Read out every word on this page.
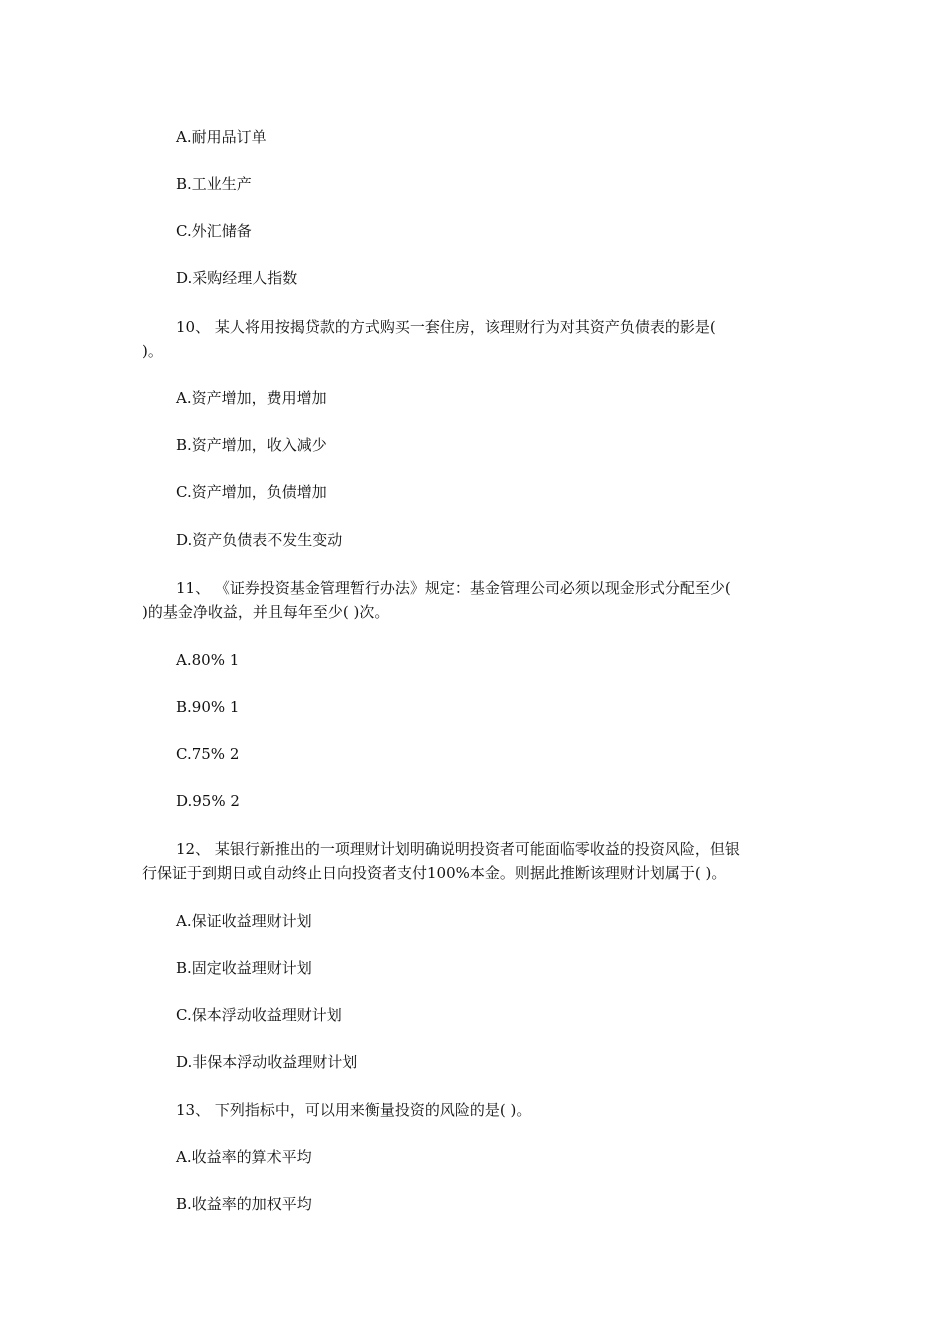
A.耐用品订单
B.工业生产
C.外汇储备
D.采购经理人指数
10、 某人将用按揭贷款的方式购买一套住房，该理财行为对其资产负债表的影是(
)。
A.资产增加，费用增加
B.资产增加，收入减少
C.资产增加，负债增加
D.资产负债表不发生变动
11、 《证券投资基金管理暂行办法》规定：基金管理公司必须以现金形式分配至少(
)的基金净收益，并且每年至少( )次。
A.80% 1
B.90% 1
C.75% 2
D.95% 2
12、 某银行新推出的一项理财计划明确说明投资者可能面临零收益的投资风险，但银
行保证于到期日或自动终止日向投资者支付100%本金。则据此推断该理财计划属于( )。
A.保证收益理财计划
B.固定收益理财计划
C.保本浮动收益理财计划
D.非保本浮动收益理财计划
13、 下列指标中，可以用来衡量投资的风险的是( )。
A.收益率的算术平均
B.收益率的加权平均
